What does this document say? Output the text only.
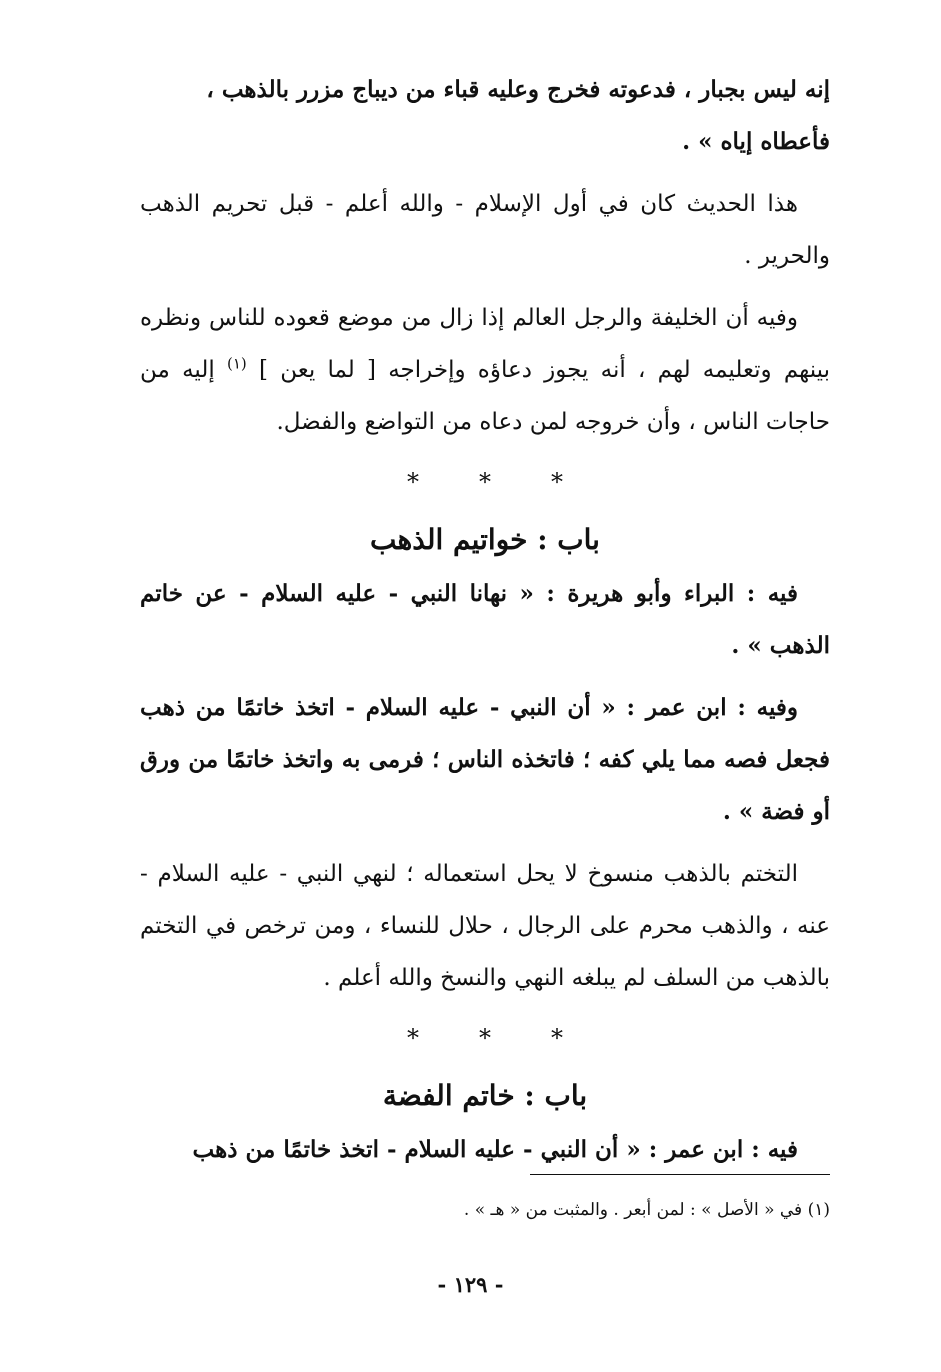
إنه ليس بجبار ، فدعوته فخرج وعليه قباء من ديباج مزرر بالذهب ،
فأعطاه إياه » .

هذا الحديث كان في أول الإسلام - والله أعلم - قبل تحريم الذهب والحرير .

وفيه أن الخليفة والرجل العالم إذا زال من موضع قعوده للناس ونظره بينهم وتعليمه لهم ، أنه يجوز دعاؤه وإخراجه [ لما يعن ] $^{(١)}$ إليه من حاجات الناس ، وأن خروجه لمن دعاه من التواضع والفضل.

*
*
*
باب : خواتيم الذهب

فيه : البراء وأبو هريرة : « نهانا النبي - عليه السلام - عن خاتم الذهب » .

وفيه : ابن عمر : « أن النبي - عليه السلام - اتخذ خاتمًا من ذهب فجعل فصه مما يلي كفه ؛ فاتخذه الناس ؛ فرمى به واتخذ خاتمًا من ورق أو فضة » .

التختم بالذهب منسوخ لا يحل استعماله ؛ لنهي النبي - عليه السلام - عنه ، والذهب محرم على الرجال ، حلال للنساء ، ومن ترخص في التختم بالذهب من السلف لم يبلغه النهي والنسخ والله أعلم .

*
*
*
باب : خاتم الفضة

فيه : ابن عمر : « أن النبي - عليه السلام - اتخذ خاتمًا من ذهب

(١) في « الأصل » : لمن أبعر . والمثبت من « هـ » .
- ١٢٩ -
